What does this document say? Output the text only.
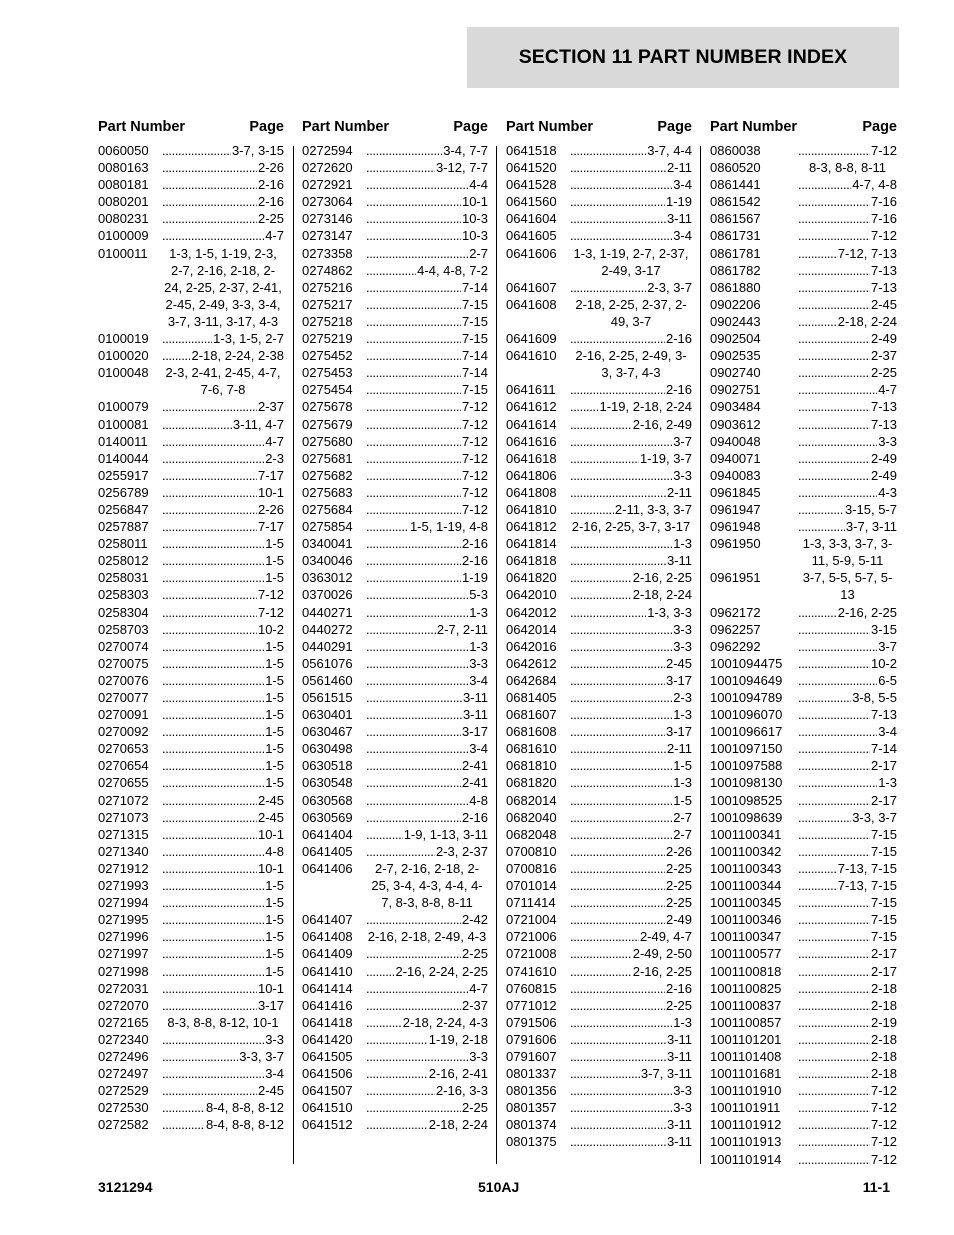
SECTION 11 PART NUMBER INDEX
Part Number	Page
0060050 .....	3-7, 3-15
0080163 .....	2-26
0080181 .....	2-16
0080201 .....	2-16
0080231 .....	2-25
0100009 .....	4-7
0100011	1-3, 1-5, 1-19, 2-3, 2-7, 2-16, 2-18, 2-24, 2-25, 2-37, 2-41, 2-45, 2-49, 3-3, 3-4, 3-7, 3-11, 3-17, 4-3
0100019 .....	1-3, 1-5, 2-7
0100020 .....	2-18, 2-24, 2-38
0100048	2-3, 2-41, 2-45, 4-7, 7-6, 7-8
0100079 .....	2-37
0100081 .....	3-11, 4-7
0140011 .....	4-7
0140044 .....	2-3
0255917 .....	7-17
0256789 .....	10-1
0256847 .....	2-26
0257887 .....	7-17
0258011 .....	1-5
0258012 .....	1-5
0258031 .....	1-5
0258303 .....	7-12
0258304 .....	7-12
0258703 .....	10-2
0270074 .....	1-5
0270075 .....	1-5
0270076 .....	1-5
0270077 .....	1-5
0270091 .....	1-5
0270092 .....	1-5
0270653 .....	1-5
0270654 .....	1-5
0270655 .....	1-5
0271072 .....	2-45
0271073 .....	2-45
0271315 .....	10-1
0271340 .....	4-8
0271912 .....	10-1
0271993 .....	1-5
0271994 .....	1-5
0271995 .....	1-5
0271996 .....	1-5
0271997 .....	1-5
0271998 .....	1-5
0272031 .....	10-1
0272070 .....	3-17
0272165	8-3, 8-8, 8-12, 10-1
0272340 .....	3-3
0272496 .....	3-3, 3-7
0272497 .....	3-4
0272529 .....	2-45
0272530 .....	8-4, 8-8, 8-12
0272582 .....	8-4, 8-8, 8-12
Part Number	Page
0272594 .....	3-4, 7-7
0272620 .....	3-12, 7-7
0272921 .....	4-4
0273064 .....	10-1
0273146 .....	10-3
0273147 .....	10-3
0273358 .....	2-7
0274862 .....	4-4, 4-8, 7-2
0275216 .....	7-14
0275217 .....	7-15
0275218 .....	7-15
0275219 .....	7-15
0275452 .....	7-14
0275453 .....	7-14
0275454 .....	7-15
0275678 .....	7-12
0275679 .....	7-12
0275680 .....	7-12
0275681 .....	7-12
0275682 .....	7-12
0275683 .....	7-12
0275684 .....	7-12
0275854 .....	1-5, 1-19, 4-8
0340041 .....	2-16
0340046 .....	2-16
0363012 .....	1-19
0370026 .....	5-3
0440271 .....	1-3
0440272 .....	2-7, 2-11
0440291 .....	1-3
0561076 .....	3-3
0561460 .....	3-4
0561515 .....	3-11
0630401 .....	3-11
0630467 .....	3-17
0630498 .....	3-4
0630518 .....	2-41
0630548 .....	2-41
0630568 .....	4-8
0630569 .....	2-16
0641404 .....	1-9, 1-13, 3-11
0641405 .....	2-3, 2-37
0641406	2-7, 2-16, 2-18, 2-25, 3-4, 4-3, 4-4, 4-7, 8-3, 8-8, 8-11
0641407 .....	2-42
0641408	2-16, 2-18, 2-49, 4-3
0641409 .....	2-25
0641410 .....	2-16, 2-24, 2-25
0641414 .....	4-7
0641416 .....	2-37
0641418 .....	2-18, 2-24, 4-3
0641420 .....	1-19, 2-18
0641505 .....	3-3
0641506 .....	2-16, 2-41
0641507 .....	2-16, 3-3
0641510 .....	2-25
0641512 .....	2-18, 2-24
Part Number	Page
0641518 .....	3-7, 4-4
0641520 .....	2-11
0641528 .....	3-4
0641560 .....	1-19
0641604 .....	3-11
0641605 .....	3-4
0641606	1-3, 1-19, 2-7, 2-37, 2-49, 3-17
0641607 .....	2-3, 3-7
0641608	2-18, 2-25, 2-37, 2-49, 3-7
0641609 .....	2-16
0641610	2-16, 2-25, 2-49, 3-3, 3-7, 4-3
0641611 .....	2-16
0641612 .....	1-19, 2-18, 2-24
0641614 .....	2-16, 2-49
0641616 .....	3-7
0641618 .....	1-19, 3-7
0641806 .....	3-3
0641808 .....	2-11
0641810 .....	2-11, 3-3, 3-7
0641812	2-16, 2-25, 3-7, 3-17
0641814 .....	1-3
0641818 .....	3-11
0641820 .....	2-16, 2-25
0642010 .....	2-18, 2-24
0642012 .....	1-3, 3-3
0642014 .....	3-3
0642016 .....	3-3
0642612 .....	2-45
0642684 .....	3-17
0681405 .....	2-3
0681607 .....	1-3
0681608 .....	3-17
0681610 .....	2-11
0681810 .....	1-5
0681820 .....	1-3
0682014 .....	1-5
0682040 .....	2-7
0682048 .....	2-7
0700810 .....	2-26
0700816 .....	2-25
0701014 .....	2-25
0711414 .....	2-25
0721004 .....	2-49
0721006 .....	2-49, 4-7
0721008 .....	2-49, 2-50
0741610 .....	2-16, 2-25
0760815 .....	2-16
0771012 .....	2-25
0791506 .....	1-3
0791606 .....	3-11
0791607 .....	3-11
0801337 .....	3-7, 3-11
0801356 .....	3-3
0801357 .....	3-3
0801374 .....	3-11
0801375 .....	3-11
Part Number	Page
0860038 .....	7-12
0860520	8-3, 8-8, 8-11
0861441 .....	4-7, 4-8
0861542 .....	7-16
0861567 .....	7-16
0861731 .....	7-12
0861781 .....	7-12, 7-13
0861782 .....	7-13
0861880 .....	7-13
0902206 .....	2-45
0902443 .....	2-18, 2-24
0902504 .....	2-49
0902535 .....	2-37
0902740 .....	2-25
0902751 .....	4-7
0903484 .....	7-13
0903612 .....	7-13
0940048 .....	3-3
0940071 .....	2-49
0940083 .....	2-49
0961845 .....	4-3
0961947 .....	3-15, 5-7
0961948 .....	3-7, 3-11
0961950	1-3, 3-3, 3-7, 3-11, 5-9, 5-11
0961951	3-7, 5-5, 5-7, 5-13
0962172 .....	2-16, 2-25
0962257 .....	3-15
0962292 .....	3-7
1001094475 .....	10-2
1001094649 .....	6-5
1001094789 .....	3-8, 5-5
1001096070 .....	7-13
1001096617 .....	3-4
1001097150 .....	7-14
1001097588 .....	2-17
1001098130 .....	1-3
1001098525 .....	2-17
1001098639 .....	3-3, 3-7
1001100341 .....	7-15
1001100342 .....	7-15
1001100343 .....	7-13, 7-15
1001100344 .....	7-13, 7-15
1001100345 .....	7-15
1001100346 .....	7-15
1001100347 .....	7-15
1001100577 .....	2-17
1001100818 .....	2-17
1001100825 .....	2-18
1001100837 .....	2-18
1001100857 .....	2-19
1001101201 .....	2-18
1001101408 .....	2-18
1001101681 .....	2-18
1001101910 .....	7-12
1001101911 .....	7-12
1001101912 .....	7-12
1001101913 .....	7-12
1001101914 .....	7-12
3121294	510AJ	11-1
